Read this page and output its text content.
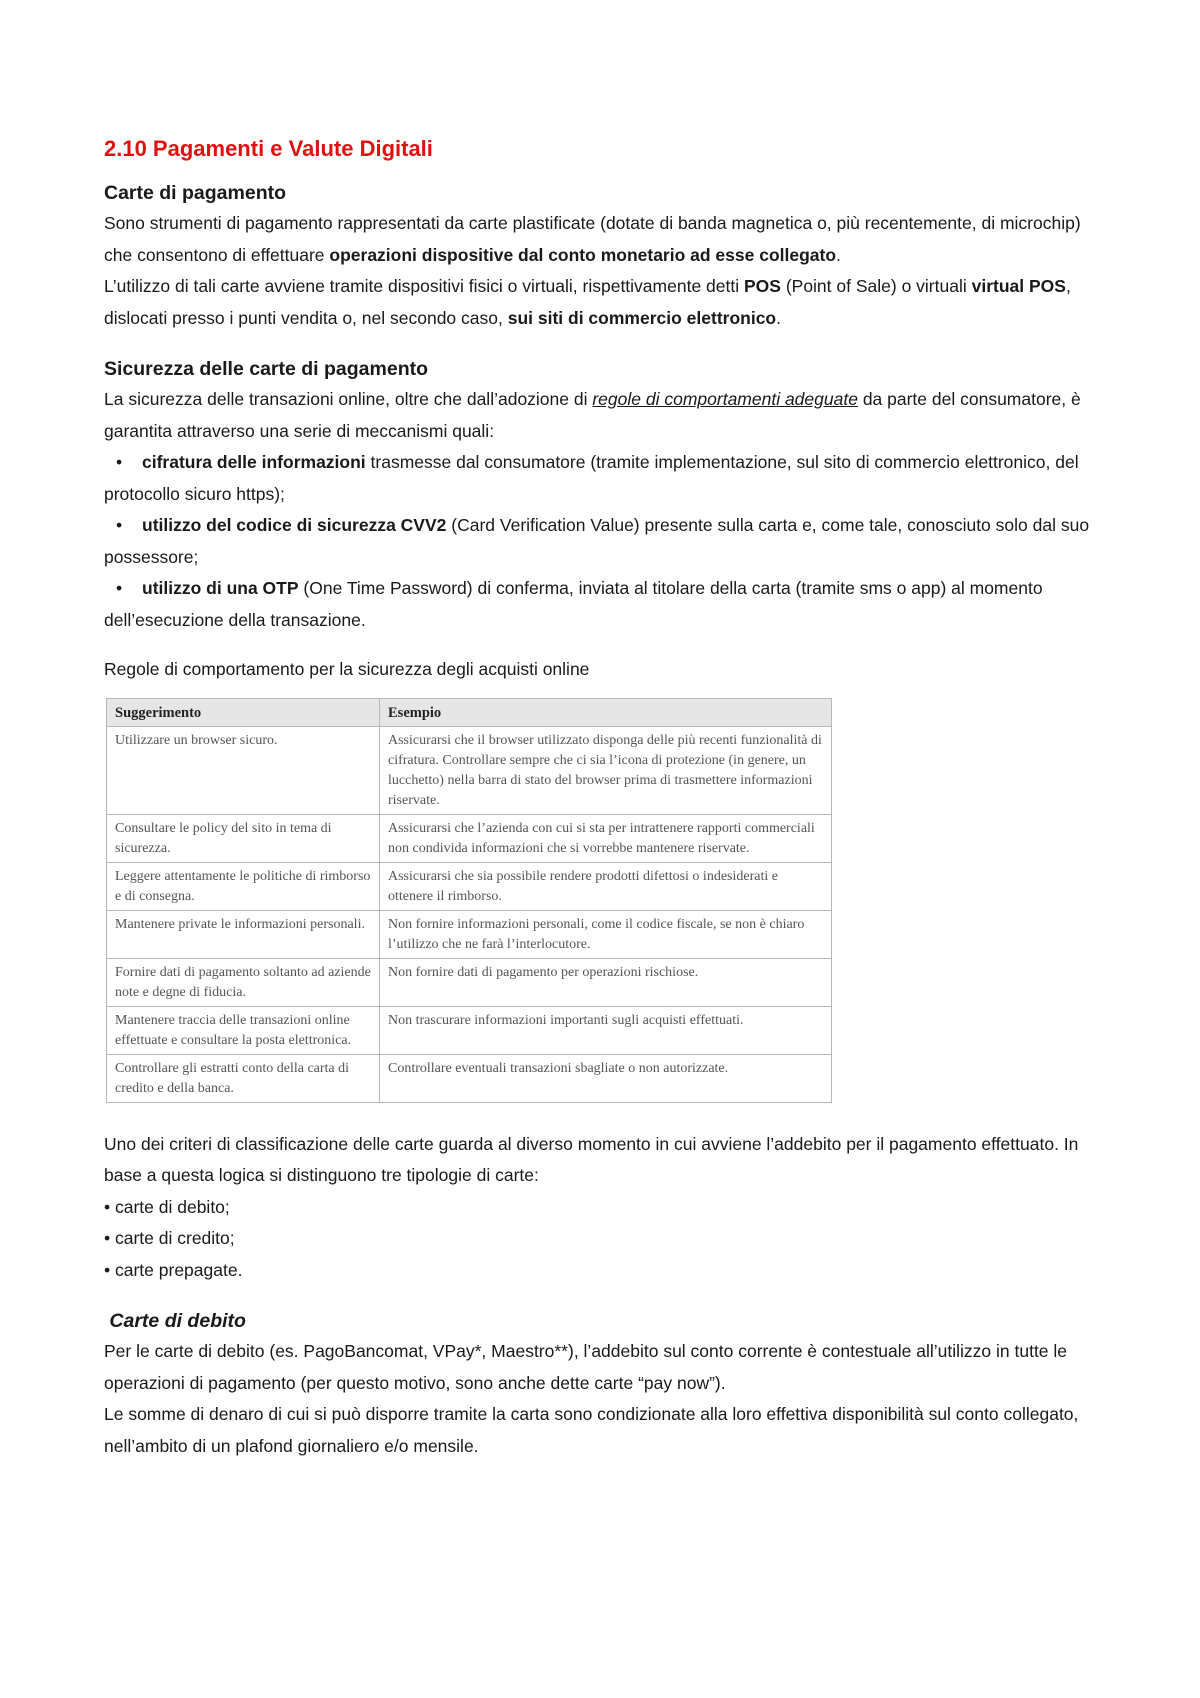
2.10 Pagamenti e Valute Digitali
Carte di pagamento

Sono strumenti di pagamento rappresentati da carte plastificate (dotate di banda magnetica o, più recentemente, di microchip) che consentono di effettuare operazioni dispositive dal conto monetario ad esse collegato.

L’utilizzo di tali carte avviene tramite dispositivi fisici o virtuali, rispettivamente detti POS (Point of Sale) o virtuali virtual POS, dislocati presso i punti vendita o, nel secondo caso, sui siti di commercio elettronico.

Sicurezza delle carte di pagamento

La sicurezza delle transazioni online, oltre che dall’adozione di regole di comportamenti adeguate da parte del consumatore, è garantita attraverso una serie di meccanismi quali:

• cifratura delle informazioni trasmesse dal consumatore (tramite implementazione, sul sito di commercio elettronico, del protocollo sicuro https);
• utilizzo del codice di sicurezza CVV2 (Card Verification Value) presente sulla carta e, come tale, conosciuto solo dal suo possessore;
• utilizzo di una OTP (One Time Password) di conferma, inviata al titolare della carta (tramite sms o app) al momento dell’esecuzione della transazione.

Regole di comportamento per la sicurezza degli acquisti online

Suggerimento	Esempio
Utilizzare un browser sicuro.	Assicurarsi che il browser utilizzato disponga delle più recenti funzionalità di cifratura. Controllare sempre che ci sia l’icona di protezione (in genere, un lucchetto) nella barra di stato del browser prima di trasmettere informazioni riservate.
Consultare le policy del sito in tema di sicurezza.	Assicurarsi che l’azienda con cui si sta per intrattenere rapporti commerciali non condivida informazioni che si vorrebbe mantenere riservate.
Leggere attentamente le politiche di rimborso e di consegna.	Assicurarsi che sia possibile rendere prodotti difettosi o indesiderati e ottenere il rimborso.
Mantenere private le informazioni personali.	Non fornire informazioni personali, come il codice fiscale, se non è chiaro l’utilizzo che ne farà l’interlocutore.
Fornire dati di pagamento soltanto ad aziende note e degne di fiducia.	Non fornire dati di pagamento per operazioni rischiose.
Mantenere traccia delle transazioni online effettuate e consultare la posta elettronica.	Non trascurare informazioni importanti sugli acquisti effettuati.
Controllare gli estratti conto della carta di credito e della banca.	Controllare eventuali transazioni sbagliate o non autorizzate.

Uno dei criteri di classificazione delle carte guarda al diverso momento in cui avviene l’addebito per il pagamento effettuato. In base a questa logica si distinguono tre tipologie di carte:

• carte di debito;
• carte di credito;
• carte prepagate.
Carte di debito

Per le carte di debito (es. PagoBancomat, VPay*, Maestro**), l’addebito sul conto corrente è contestuale all’utilizzo in tutte le operazioni di pagamento (per questo motivo, sono anche dette carte “pay now”).

Le somme di denaro di cui si può disporre tramite la carta sono condizionate alla loro effettiva disponibilità sul conto collegato, nell’ambito di un plafond giornaliero e/o mensile.
